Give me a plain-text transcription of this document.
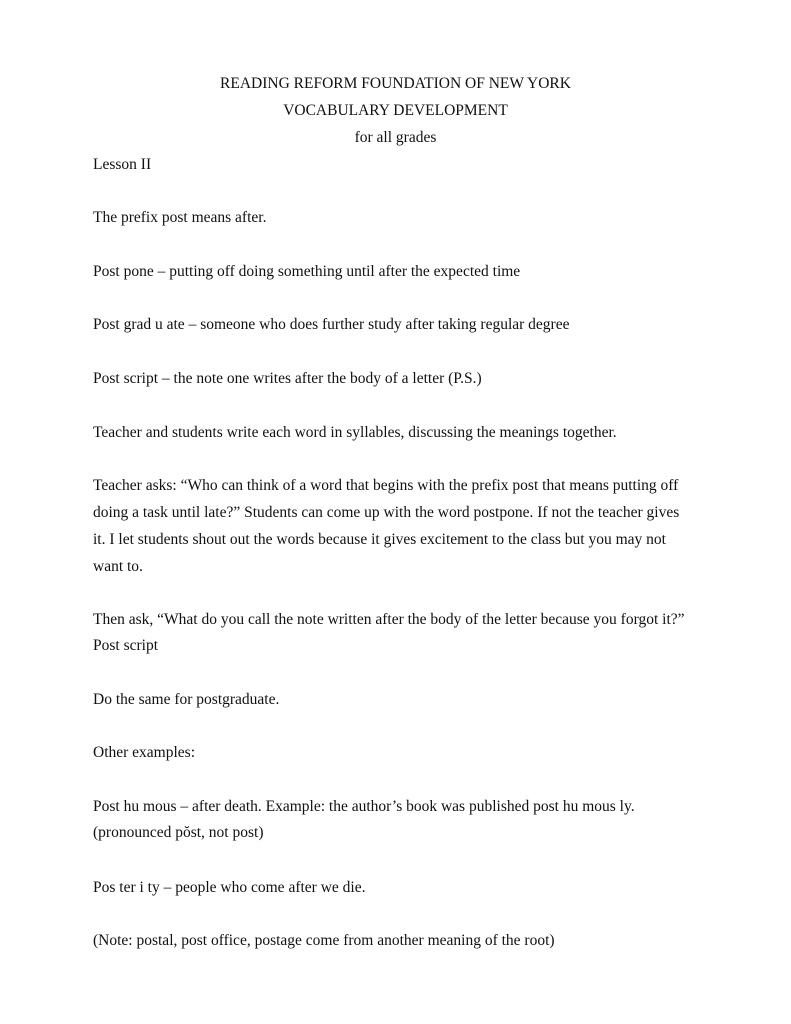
READING REFORM FOUNDATION OF NEW YORK
VOCABULARY DEVELOPMENT
for all grades
Lesson II
The prefix post means after.
Post pone – putting off doing something until after the expected time
Post grad u ate – someone who does further study after taking regular degree
Post script – the note one writes after the body of a letter (P.S.)
Teacher and students write each word in syllables, discussing the meanings together.
Teacher asks: “Who can think of a word that begins with the prefix post that means putting off
doing a task until late?” Students can come up with the word postpone. If not the teacher gives
it. I let students shout out the words because it gives excitement to the class but you may not
want to.
Then ask, “What do you call the note written after the body of the letter because you forgot it?”
Post script
Do the same for postgraduate.
Other examples:
Post hu mous – after death. Example: the author’s book was published post hu mous ly.
(pronounced pŏst, not post)
Pos ter i ty – people who come after we die.
(Note: postal, post office, postage come from another meaning of the root)
